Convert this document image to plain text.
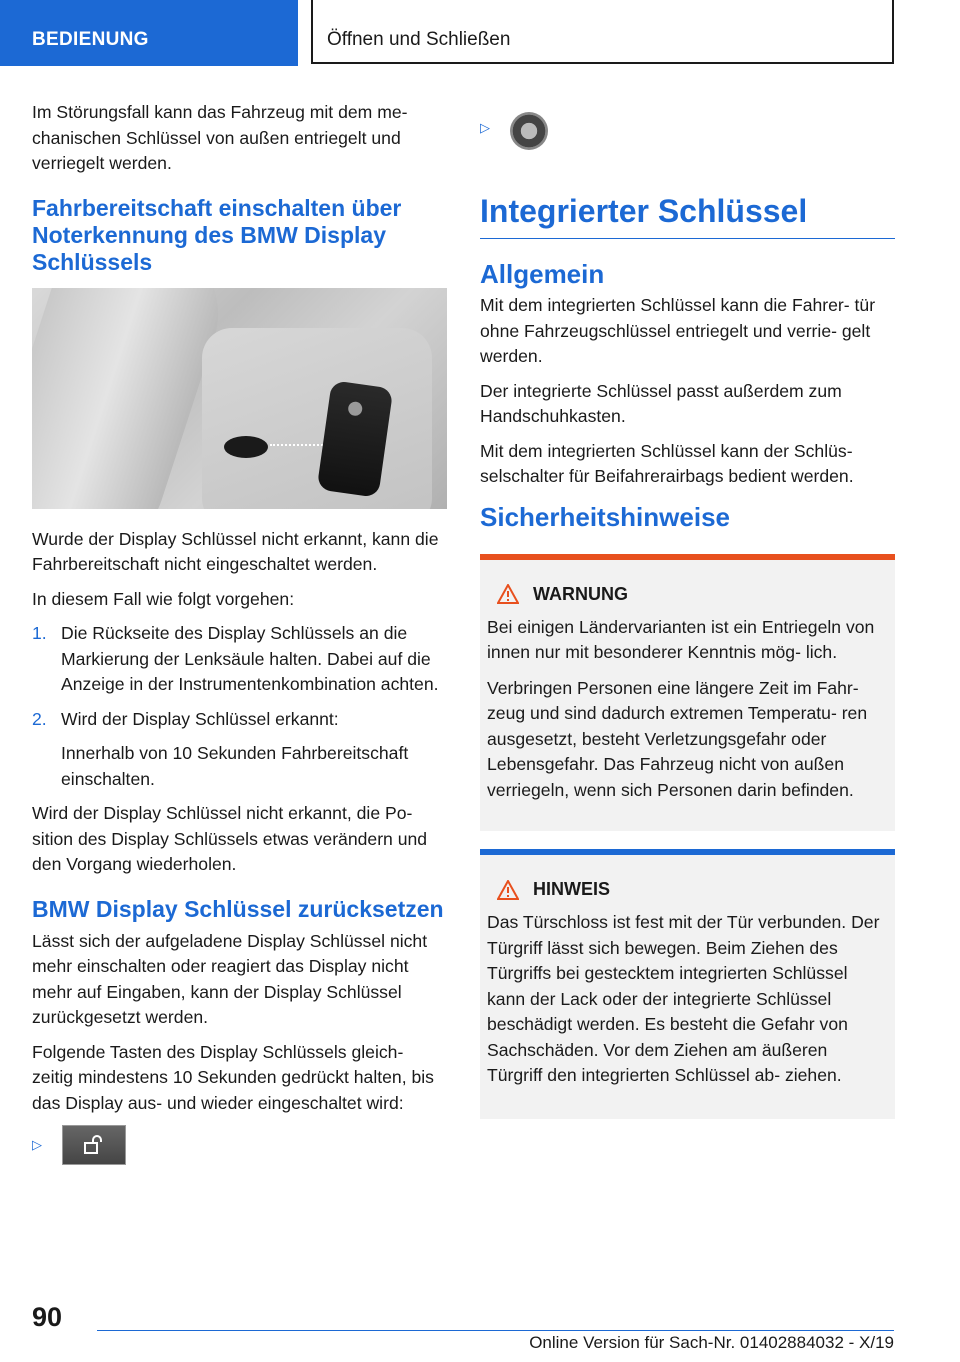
BEDIENUNG	Öffnen und Schließen

Im Störungsfall kann das Fahrzeug mit dem me- chanischen Schlüssel von außen entriegelt und verriegelt werden.

Fahrbereitschaft einschalten über Noterkennung des BMW Display Schlüssels

Wurde der Display Schlüssel nicht erkannt, kann die Fahrbereitschaft nicht eingeschaltet werden.

In diesem Fall wie folgt vorgehen:

1. Die Rückseite des Display Schlüssels an die Markierung der Lenksäule halten. Dabei auf die Anzeige in der Instrumentenkombination achten.
2. Wird der Display Schlüssel erkannt:
Innerhalb von 10 Sekunden Fahrbereitschaft einschalten.

Wird der Display Schlüssel nicht erkannt, die Po- sition des Display Schlüssels etwas verändern und den Vorgang wiederholen.

BMW Display Schlüssel zurücksetzen

Lässt sich der aufgeladene Display Schlüssel nicht mehr einschalten oder reagiert das Display nicht mehr auf Eingaben, kann der Display Schlüssel zurückgesetzt werden.

Folgende Tasten des Display Schlüssels gleich- zeitig mindestens 10 Sekunden gedrückt halten, bis das Display aus- und wieder eingeschaltet wird:

▷
▷
Integrierter Schlüssel
Allgemein

Mit dem integrierten Schlüssel kann die Fahrer- tür ohne Fahrzeugschlüssel entriegelt und verrie- gelt werden.

Der integrierte Schlüssel passt außerdem zum Handschuhkasten.

Mit dem integrierten Schlüssel kann der Schlüs- selschalter für Beifahrerairbags bedient werden.

Sicherheitshinweise
WARNUNG

Bei einigen Ländervarianten ist ein Entriegeln von innen nur mit besonderer Kenntnis mög- lich.

Verbringen Personen eine längere Zeit im Fahr- zeug und sind dadurch extremen Temperatu- ren ausgesetzt, besteht Verletzungsgefahr oder Lebensgefahr. Das Fahrzeug nicht von außen verriegeln, wenn sich Personen darin befinden.

HINWEIS

Das Türschloss ist fest mit der Tür verbunden. Der Türgriff lässt sich bewegen. Beim Ziehen des Türgriffs bei gestecktem integrierten Schlüssel kann der Lack oder der integrierte Schlüssel beschädigt werden. Es besteht die Gefahr von Sachschäden. Vor dem Ziehen am äußeren Türgriff den integrierten Schlüssel ab- ziehen.

90
Online Version für Sach-Nr. 01402884032 - X/19
